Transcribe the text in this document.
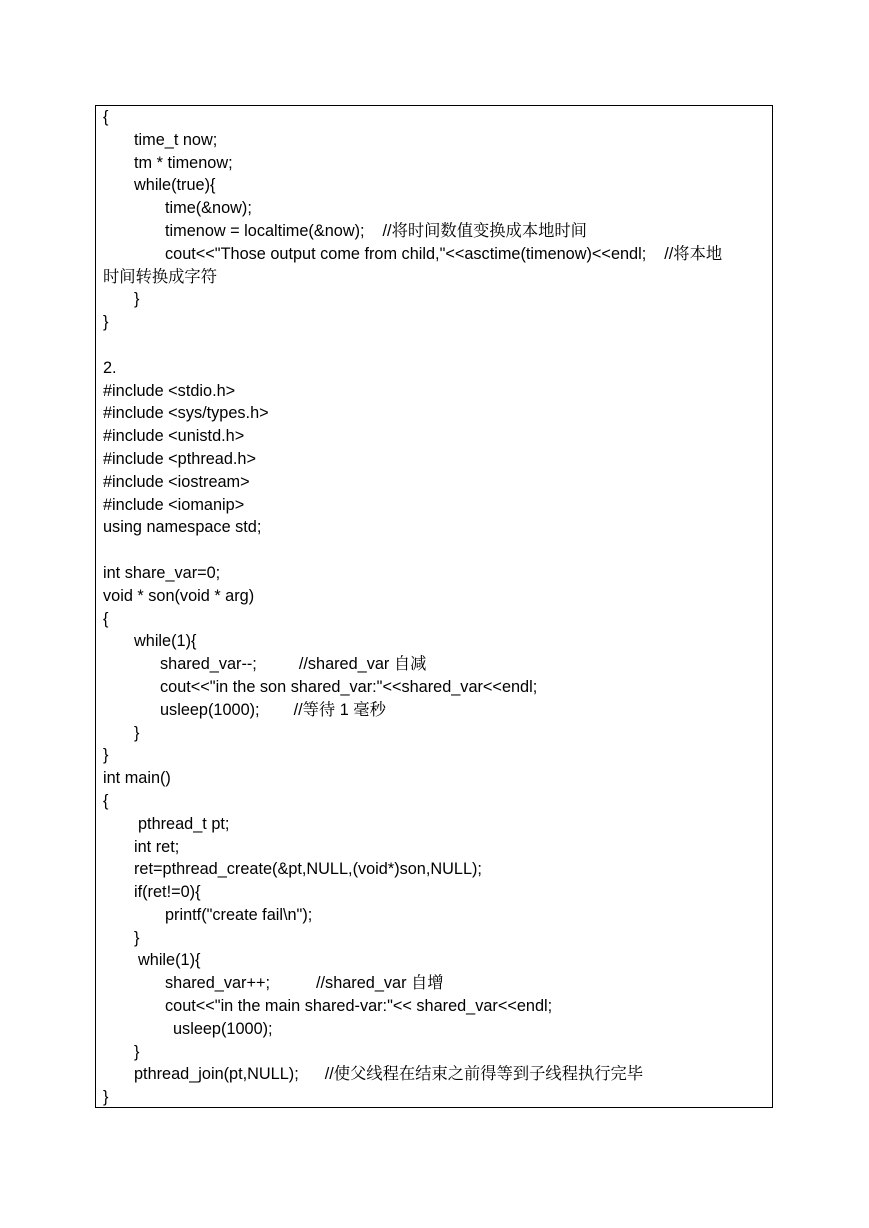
{
time_t now;
tm * timenow;
while(true){
time(&now);
timenow = localtime(&now); //将时间数值变换成本地时间
cout<<"Those output come from child,"<<asctime(timenow)<<endl; //将本地
时间转换成字符
}
}
2.
#include <stdio.h>
#include <sys/types.h>
#include <unistd.h>
#include <pthread.h>
#include <iostream>
#include <iomanip>
using namespace std;
int share_var=0;
void * son(void * arg)
{
while(1){
shared_var--;	//shared_var 自减
cout<<"in the son shared_var:"<<shared_var<<endl;
usleep(1000); //等待 1 毫秒
}
}
int main()
{
pthread_t pt;
int ret;
ret=pthread_create(&pt,NULL,(void*)son,NULL);
if(ret!=0){
printf("create fail\n");
}
while(1){
shared_var++;	//shared_var 自增
cout<<"in the main shared-var:"<< shared_var<<endl;
usleep(1000);
}
pthread_join(pt,NULL); //使父线程在结束之前得等到子线程执行完毕
}
